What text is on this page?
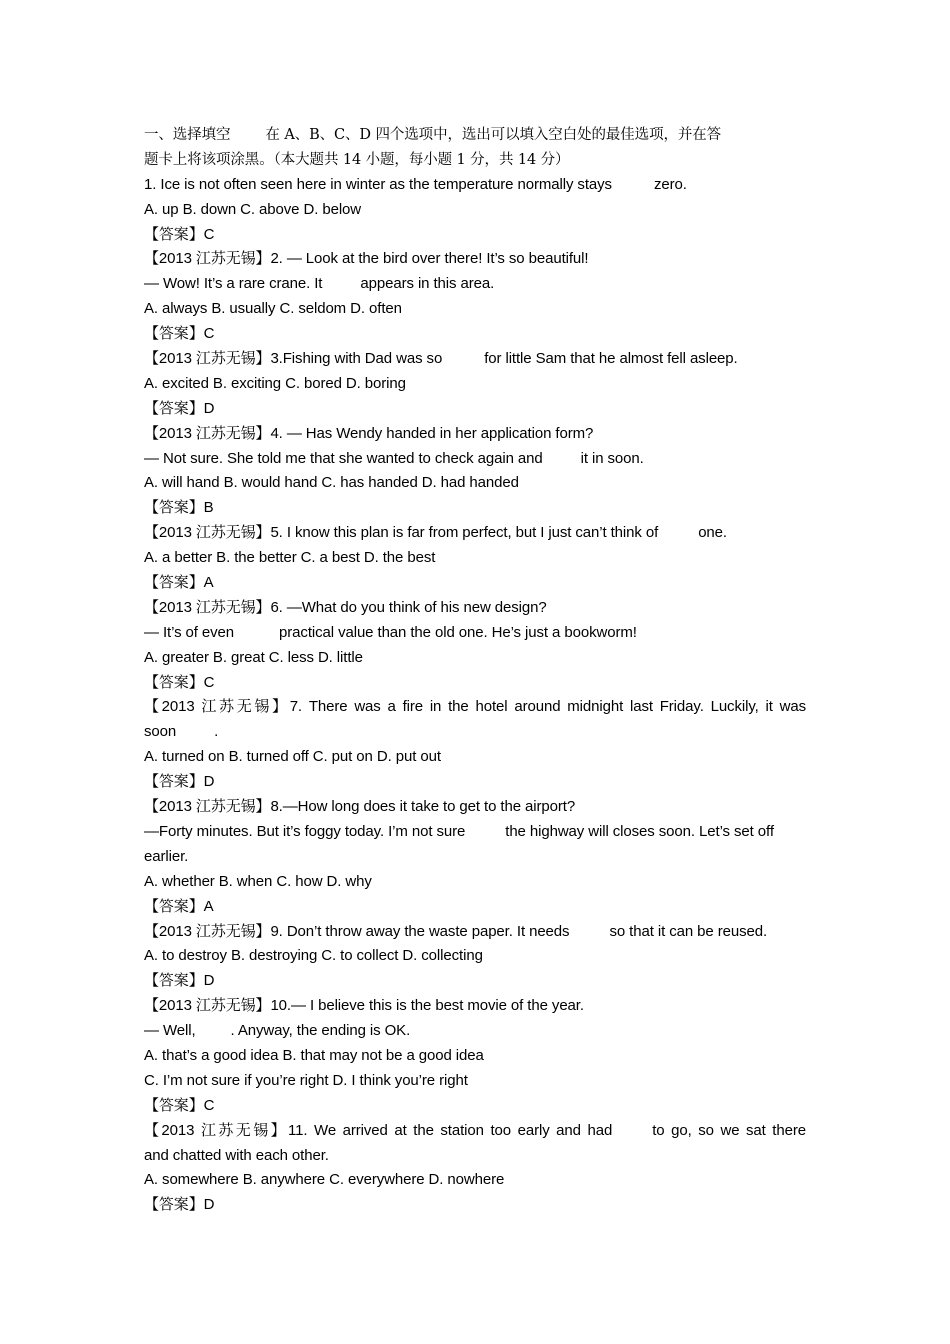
一、选择填空 在 A、B、C、D 四个选项中，选出可以填入空白处的最佳选项，并在答
题卡上将该项涂黑。（本大题共 14 小题，每小题 1 分，共 14 分）
1. Ice is not often seen here in winter as the temperature normally stays	zero.
A. up B. down C. above D. below
【答案】C
【2013 江苏无锡】2. — Look at the bird over there! It’s so beautiful!
— Wow! It’s a rare crane. It	appears in this area.
A. always B. usually C. seldom D. often
【答案】C
【2013 江苏无锡】3.Fishing with Dad was so	for little Sam that he almost fell asleep.
A. excited B. exciting C. bored D. boring
【答案】D
【2013 江苏无锡】4. — Has Wendy handed in her application form?
— Not sure. She told me that she wanted to check again and	it in soon.
A. will hand B. would hand C. has handed D. had handed
【答案】B
【2013 江苏无锡】5. I know this plan is far from perfect, but I just can’t think of	one.
A. a better B. the better C. a best D. the best
【答案】A
【2013 江苏无锡】6. —What do you think of his new design?
— It’s of even	practical value than the old one. He’s just a bookworm!
A. greater B. great C. less D. little
【答案】C
【2013 江苏无锡】7. There was a fire in the hotel around midnight last Friday. Luckily, it was
soon	.
A. turned on B. turned off C. put on D. put out
【答案】D
【2013 江苏无锡】8.—How long does it take to get to the airport?
—Forty minutes. But it’s foggy today. I’m not sure	the highway will closes soon. Let’s set off
earlier.
A. whether B. when C. how D. why
【答案】A
【2013 江苏无锡】9. Don’t throw away the waste paper. It needs	so that it can be reused.
A. to destroy B. destroying C. to collect D. collecting
【答案】D
【2013 江苏无锡】10.— I believe this is the best movie of the year.
— Well, . Anyway, the ending is OK.
A. that’s a good idea B. that may not be a good idea
C. I’m not sure if you’re right D. I think you’re right
【答案】C
【2013 江苏无锡】11. We arrived at the station too early and had	to go, so we sat there
and chatted with each other.
A. somewhere B. anywhere C. everywhere D. nowhere
【答案】D
